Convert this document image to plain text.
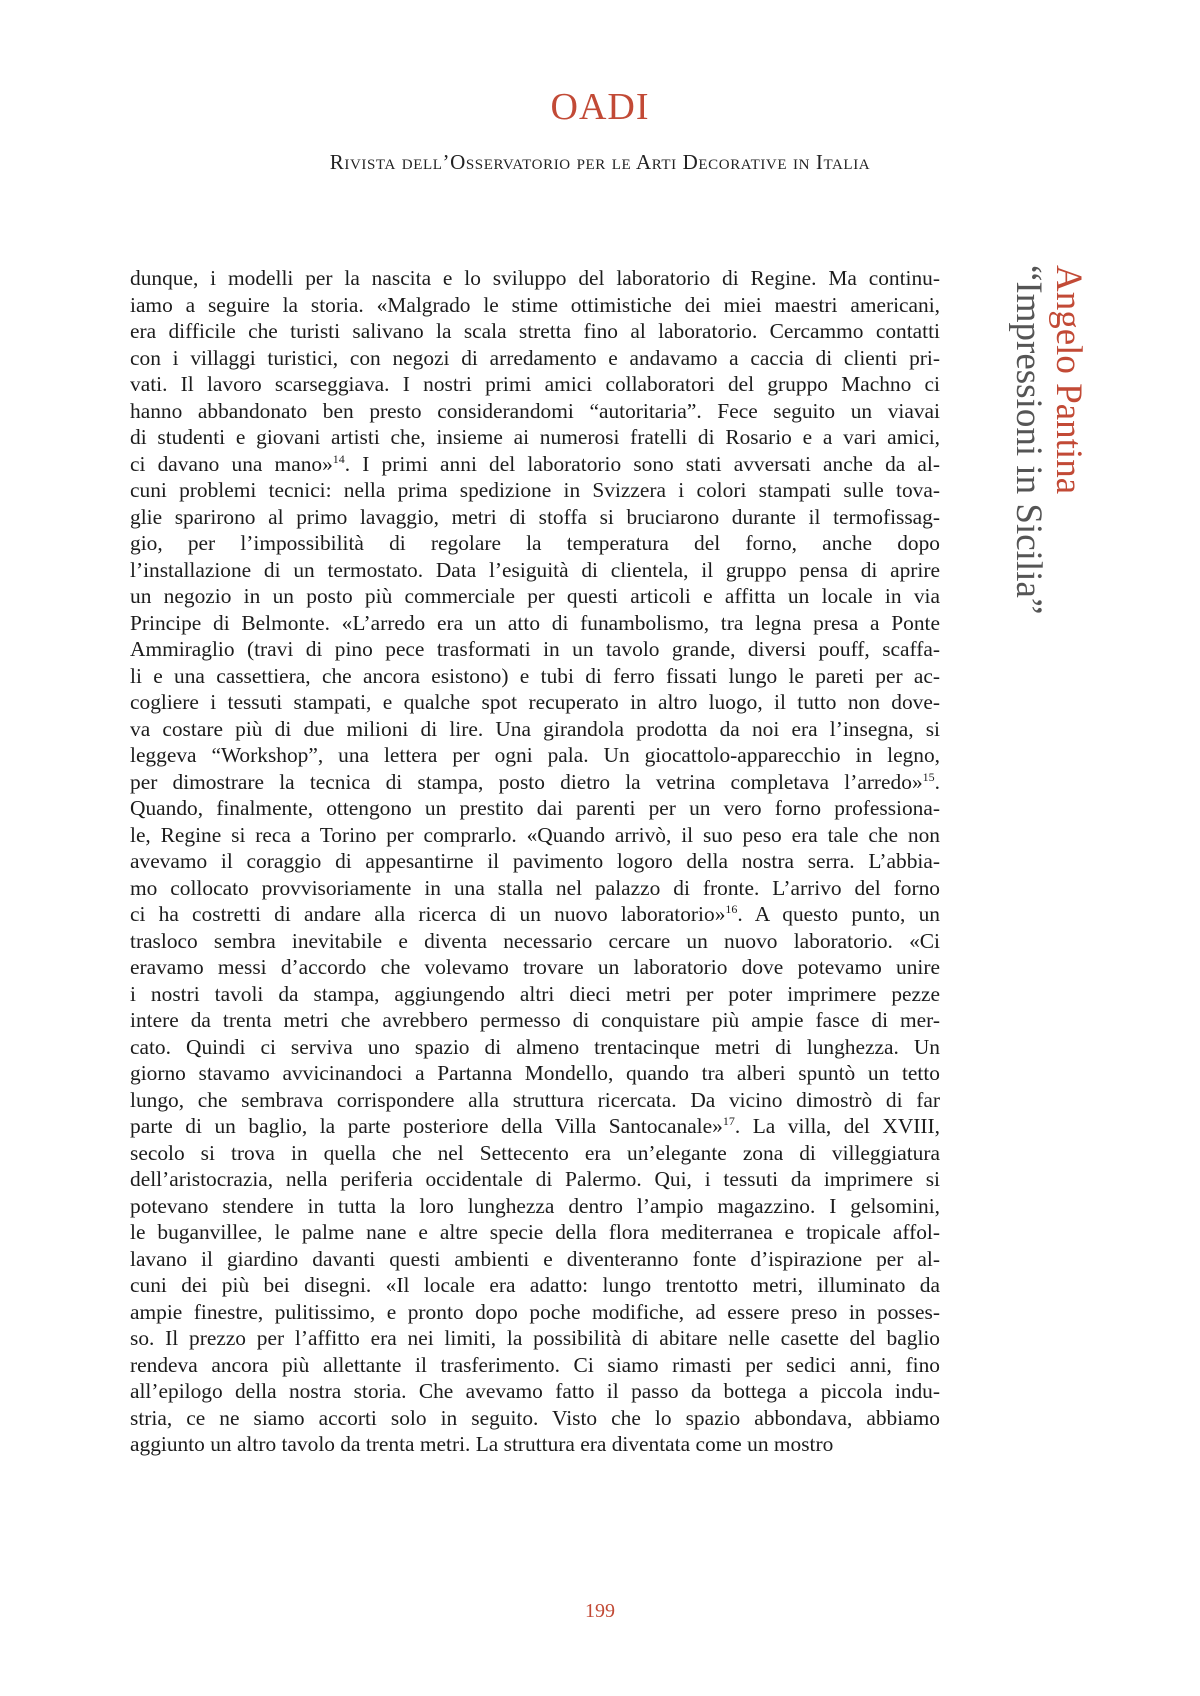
OADI
Rivista dell’Osservatorio per le Arti Decorative in Italia
dunque, i modelli per la nascita e lo sviluppo del laboratorio di Regine. Ma continu-
iamo a seguire la storia. «Malgrado le stime ottimistiche dei miei maestri americani,
era difficile che turisti salivano la scala stretta fino al laboratorio. Cercammo contatti
con i villaggi turistici, con negozi di arredamento e andavamo a caccia di clienti pri-
vati. Il lavoro scarseggiava. I nostri primi amici collaboratori del gruppo Machno ci
hanno abbandonato ben presto considerandomi “autoritaria”. Fece seguito un viavai
di studenti e giovani artisti che, insieme ai numerosi fratelli di Rosario e a vari amici,
ci davano una mano»$^{14}$. I primi anni del laboratorio sono stati avversati anche da al-
cuni problemi tecnici: nella prima spedizione in Svizzera i colori stampati sulle tova-
glie sparirono al primo lavaggio, metri di stoffa si bruciarono durante il termofissag-
gio, per l’impossibilità di regolare la temperatura del forno, anche dopo
l’installazione di un termostato. Data l’esiguità di clientela, il gruppo pensa di aprire
un negozio in un posto più commerciale per questi articoli e affitta un locale in via
Principe di Belmonte. «L’arredo era un atto di funambolismo, tra legna presa a Ponte
Ammiraglio (travi di pino pece trasformati in un tavolo grande, diversi pouff, scaffa-
li e una cassettiera, che ancora esistono) e tubi di ferro fissati lungo le pareti per ac-
cogliere i tessuti stampati, e qualche spot recuperato in altro luogo, il tutto non dove-
va costare più di due milioni di lire. Una girandola prodotta da noi era l’insegna, si
leggeva “Workshop”, una lettera per ogni pala. Un giocattolo-apparecchio in legno,
per dimostrare la tecnica di stampa, posto dietro la vetrina completava l’arredo»$^{15}$.
Quando, finalmente, ottengono un prestito dai parenti per un vero forno professiona-
le, Regine si reca a Torino per comprarlo. «Quando arrivò, il suo peso era tale che non
avevamo il coraggio di appesantirne il pavimento logoro della nostra serra. L’abbia-
mo collocato provvisoriamente in una stalla nel palazzo di fronte. L’arrivo del forno
ci ha costretti di andare alla ricerca di un nuovo laboratorio»$^{16}$. A questo punto, un
trasloco sembra inevitabile e diventa necessario cercare un nuovo laboratorio. «Ci
eravamo messi d’accordo che volevamo trovare un laboratorio dove potevamo unire
i nostri tavoli da stampa, aggiungendo altri dieci metri per poter imprimere pezze
intere da trenta metri che avrebbero permesso di conquistare più ampie fasce di mer-
cato. Quindi ci serviva uno spazio di almeno trentacinque metri di lunghezza. Un
giorno stavamo avvicinandoci a Partanna Mondello, quando tra alberi spuntò un tetto
lungo, che sembrava corrispondere alla struttura ricercata. Da vicino dimostrò di far
parte di un baglio, la parte posteriore della Villa Santocanale»$^{17}$. La villa, del XVIII,
secolo si trova in quella che nel Settecento era un’elegante zona di villeggiatura
dell’aristocrazia, nella periferia occidentale di Palermo. Qui, i tessuti da imprimere si
potevano stendere in tutta la loro lunghezza dentro l’ampio magazzino. I gelsomini,
le buganvillee, le palme nane e altre specie della flora mediterranea e tropicale affol-
lavano il giardino davanti questi ambienti e diventeranno fonte d’ispirazione per al-
cuni dei più bei disegni. «Il locale era adatto: lungo trentotto metri, illuminato da
ampie finestre, pulitissimo, e pronto dopo poche modifiche, ad essere preso in posses-
so. Il prezzo per l’affitto era nei limiti, la possibilità di abitare nelle casette del baglio
rendeva ancora più allettante il trasferimento. Ci siamo rimasti per sedici anni, fino
all’epilogo della nostra storia. Che avevamo fatto il passo da bottega a piccola indu-
stria, ce ne siamo accorti solo in seguito. Visto che lo spazio abbondava, abbiamo
aggiunto un altro tavolo da trenta metri. La struttura era diventata come un mostro
Angelo Pantina
“Impressioni in Sicilia”
199
